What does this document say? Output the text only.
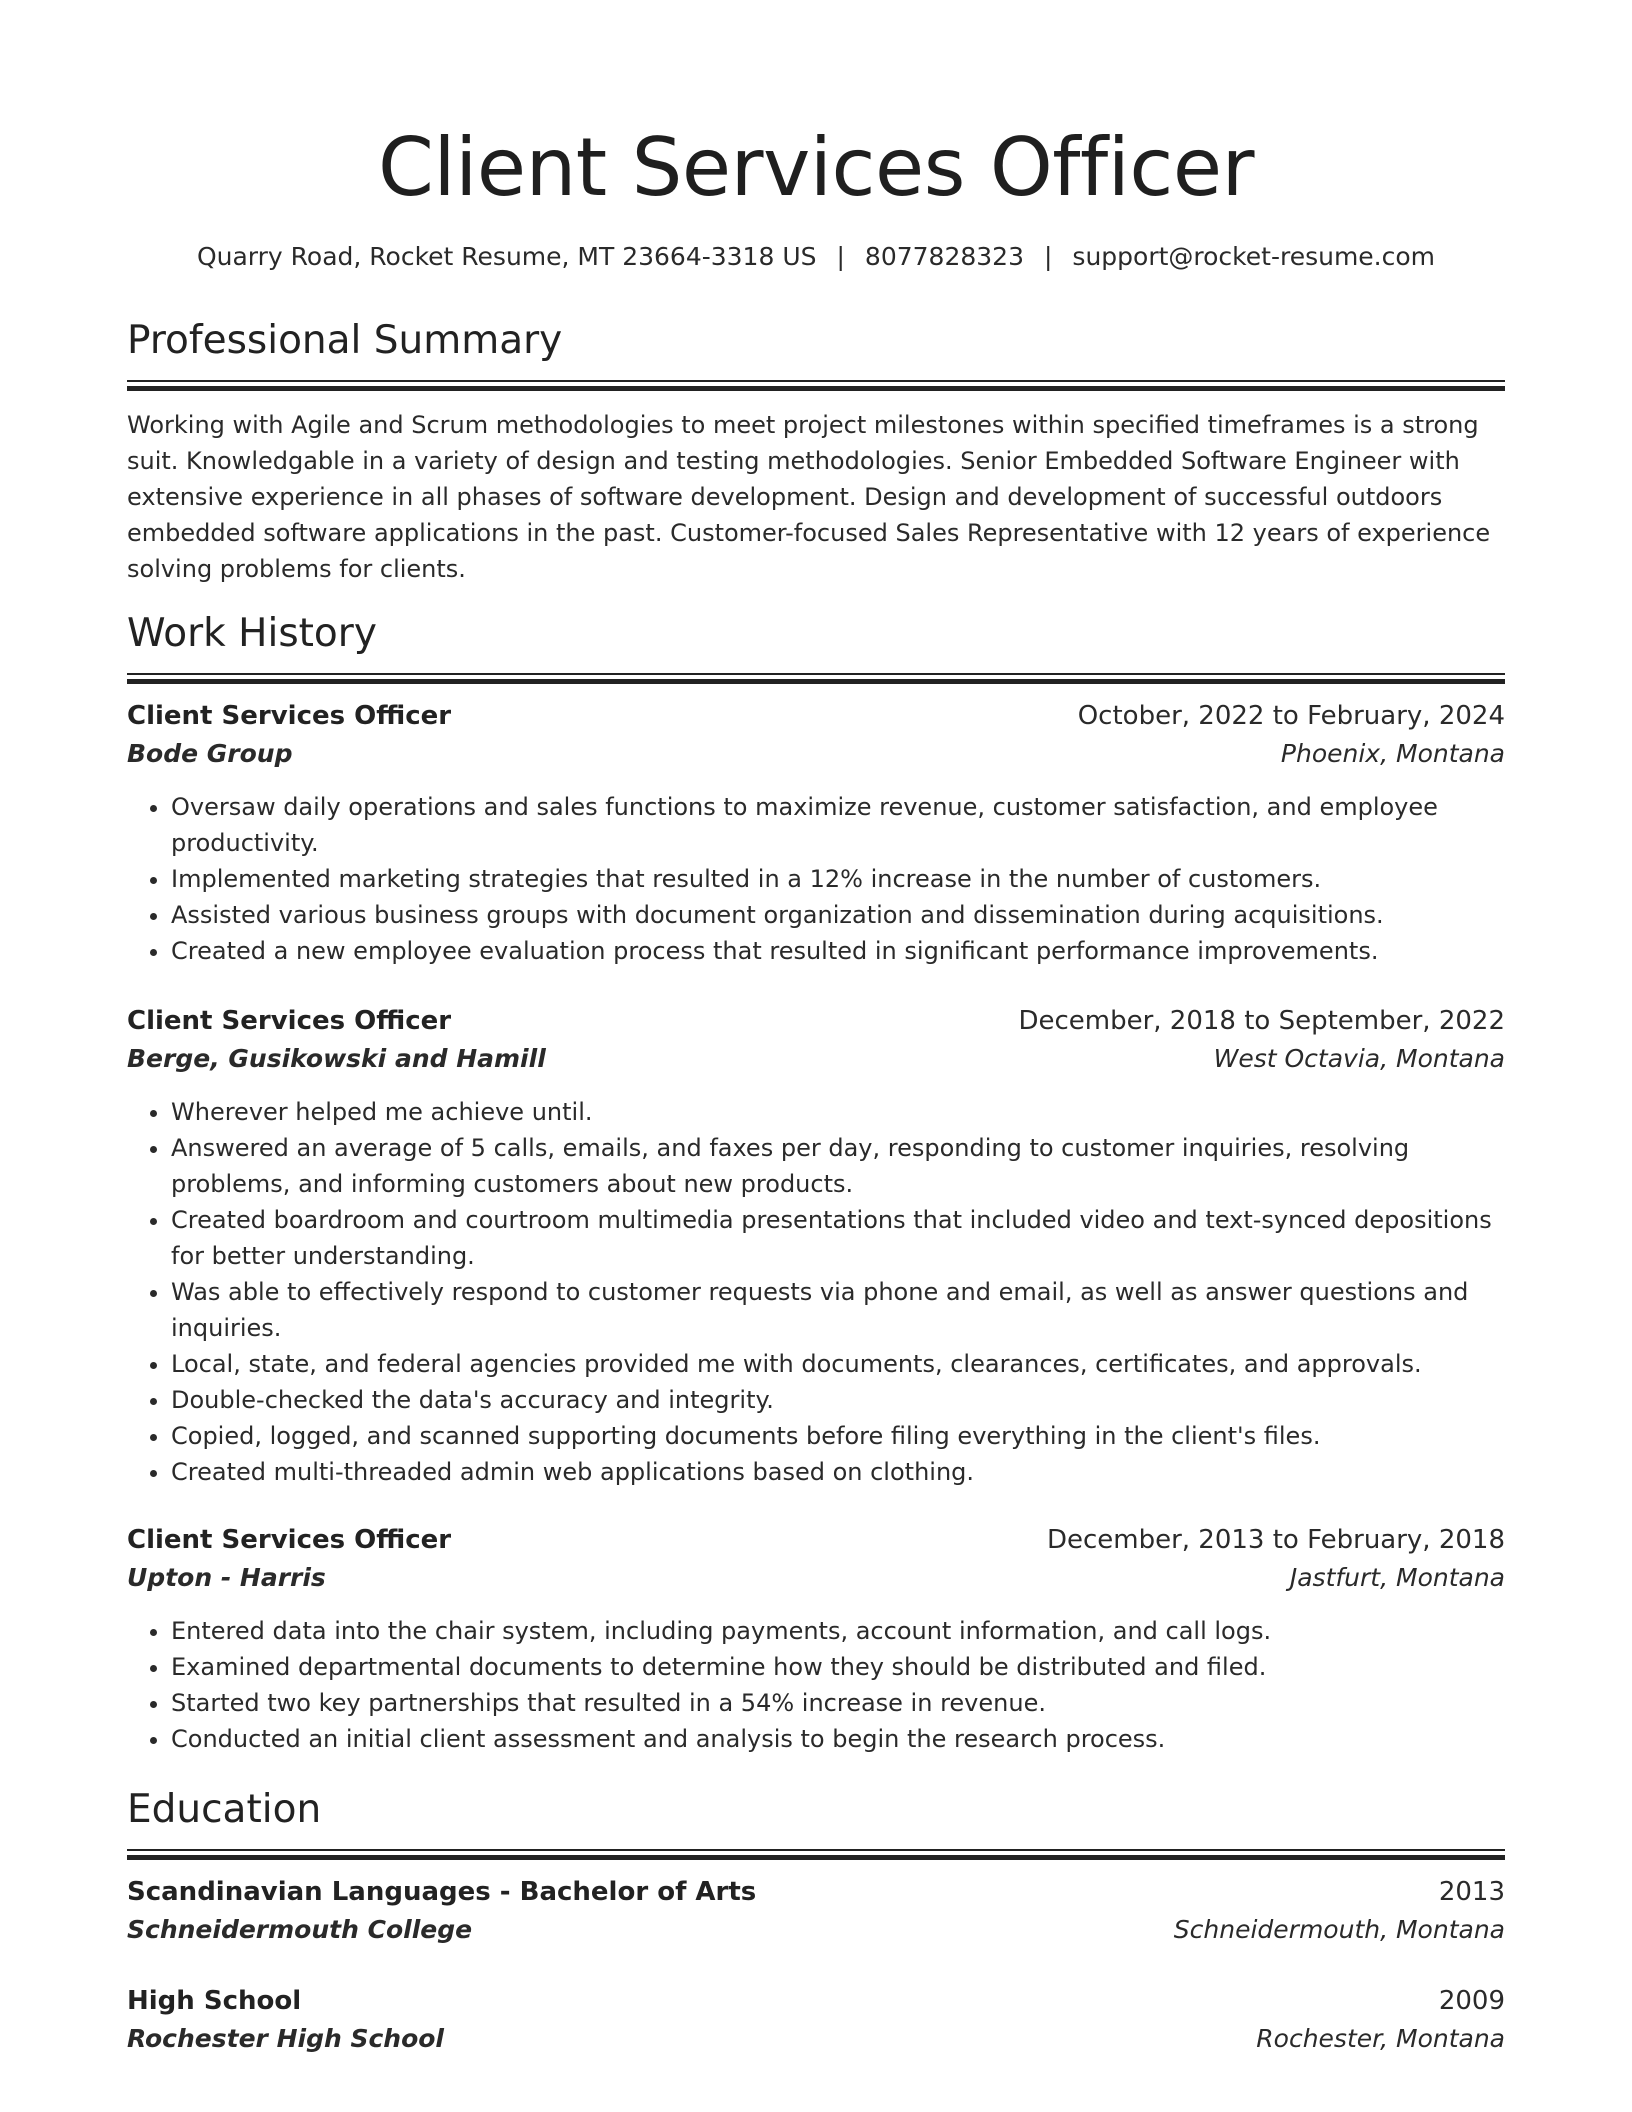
Client Services Officer
Quarry Road, Rocket Resume, MT 23664-3318 US | 8077828323 | support@rocket-resume.com
Professional Summary
Working with Agile and Scrum methodologies to meet project milestones within specified timeframes is a strong suit. Knowledgable in a variety of design and testing methodologies. Senior Embedded Software Engineer with extensive experience in all phases of software development. Design and development of successful outdoors embedded software applications in the past. Customer-focused Sales Representative with 12 years of experience solving problems for clients.
Work History
Client Services Officer	October, 2022 to February, 2024
Bode Group	Phoenix, Montana
• Oversaw daily operations and sales functions to maximize revenue, customer satisfaction, and employee productivity.
• Implemented marketing strategies that resulted in a 12% increase in the number of customers.
• Assisted various business groups with document organization and dissemination during acquisitions.
• Created a new employee evaluation process that resulted in significant performance improvements.
Client Services Officer	December, 2018 to September, 2022
Berge, Gusikowski and Hamill	West Octavia, Montana
• Wherever helped me achieve until.
• Answered an average of 5 calls, emails, and faxes per day, responding to customer inquiries, resolving problems, and informing customers about new products.
• Created boardroom and courtroom multimedia presentations that included video and text-synced depositions for better understanding.
• Was able to effectively respond to customer requests via phone and email, as well as answer questions and inquiries.
• Local, state, and federal agencies provided me with documents, clearances, certificates, and approvals.
• Double-checked the data's accuracy and integrity.
• Copied, logged, and scanned supporting documents before filing everything in the client's files.
• Created multi-threaded admin web applications based on clothing.
Client Services Officer	December, 2013 to February, 2018
Upton - Harris	Jastfurt, Montana
• Entered data into the chair system, including payments, account information, and call logs.
• Examined departmental documents to determine how they should be distributed and filed.
• Started two key partnerships that resulted in a 54% increase in revenue.
• Conducted an initial client assessment and analysis to begin the research process.
Education
Scandinavian Languages - Bachelor of Arts	2013
Schneidermouth College	Schneidermouth, Montana
High School	2009
Rochester High School	Rochester, Montana
